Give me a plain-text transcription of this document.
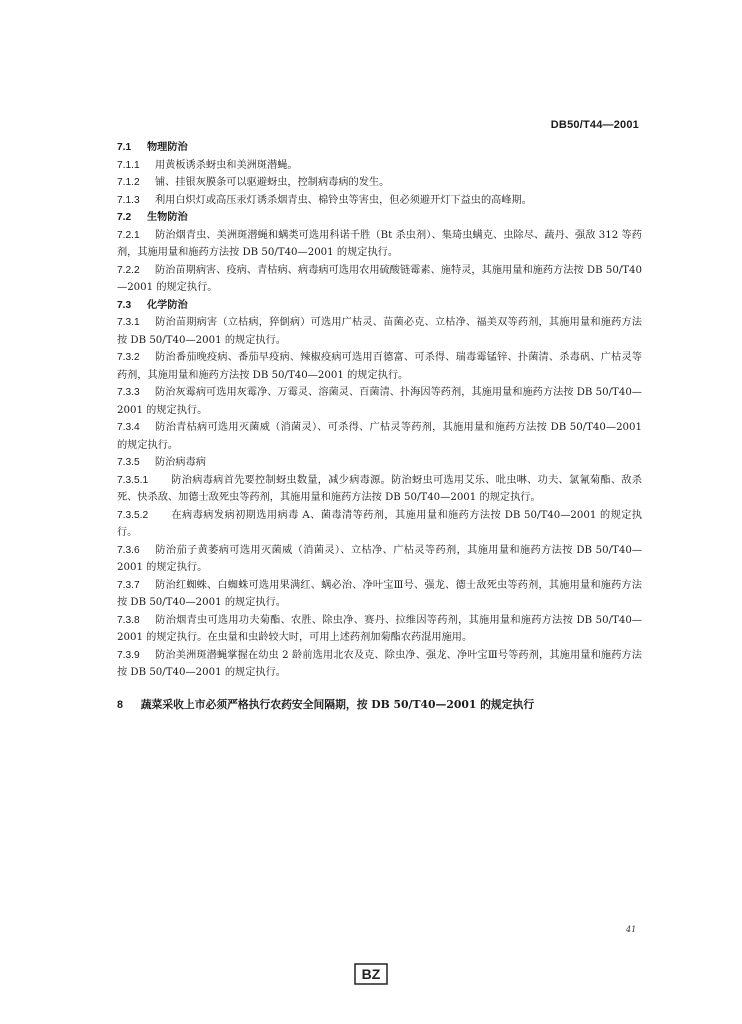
DB50/T44—2001

7.1 物理防治

7.1.1 用黄板诱杀蚜虫和美洲斑潜蝇。

7.1.2 铺、挂银灰膜条可以驱避蚜虫，控制病毒病的发生。

7.1.3 利用白炽灯或高压汞灯诱杀烟青虫、棉铃虫等害虫，但必须避开灯下益虫的高峰期。

7.2 生物防治

7.2.1 防治烟青虫、美洲斑潜蝇和螨类可选用科诺千胜（Bt 杀虫剂）、集琦虫螨克、虫除尽、蔬丹、强敌 312 等药剂，其施用量和施药方法按 DB 50/T40—2001 的规定执行。

7.2.2 防治苗期病害、疫病、青枯病、病毒病可选用农用硫酸链霉素、施特灵，其施用量和施药方法按 DB 50/T40—2001 的规定执行。

7.3 化学防治

7.3.1 防治苗期病害（立枯病，猝倒病）可选用广枯灵、苗菌必克、立枯净、福美双等药剂，其施用量和施药方法按 DB 50/T40—2001 的规定执行。

7.3.2 防治番茄晚疫病、番茄早疫病、辣椒疫病可选用百德富、可杀得、瑞毒霉锰锌、扑菌清、杀毒矾、广枯灵等药剂，其施用量和施药方法按 DB 50/T40—2001 的规定执行。

7.3.3 防治灰霉病可选用灰霉净、万霉灵、溶菌灵、百菌清、扑海因等药剂，其施用量和施药方法按 DB 50/T40—2001 的规定执行。

7.3.4 防治青枯病可选用灭菌威（消菌灵）、可杀得、广枯灵等药剂，其施用量和施药方法按 DB 50/T40—2001 的规定执行。

7.3.5 防治病毒病

7.3.5.1 防治病毒病首先要控制蚜虫数量，减少病毒源。防治蚜虫可选用艾乐、吡虫啉、功夫、氯氰菊酯、敌杀死、快杀敌、加德士敌死虫等药剂，其施用量和施药方法按 DB 50/T40—2001 的规定执行。

7.3.5.2 在病毒病发病初期选用病毒 A、菌毒清等药剂，其施用量和施药方法按 DB 50/T40—2001 的规定执行。

7.3.6 防治茄子黄萎病可选用灭菌威（消菌灵）、立枯净、广枯灵等药剂，其施用量和施药方法按 DB 50/T40—2001 的规定执行。

7.3.7 防治红蜘蛛、白蜘蛛可选用果满红、螨必治、净叶宝Ⅲ号、强龙、德士敌死虫等药剂，其施用量和施药方法按 DB 50/T40—2001 的规定执行。

7.3.8 防治烟青虫可选用功夫菊酯、农胜、除虫净、赛丹、拉维因等药剂，其施用量和施药方法按 DB 50/T40—2001 的规定执行。在虫量和虫龄较大时，可用上述药剂加菊酯农药混用施用。

7.3.9 防治美洲斑潜蝇掌握在幼虫 2 龄前选用北农及克、除虫净、强龙、净叶宝Ⅲ号等药剂，其施用量和施药方法按 DB 50/T40—2001 的规定执行。

8 蔬菜采收上市必须严格执行农药安全间隔期，按 DB 50/T40—2001 的规定执行

41
BZ
